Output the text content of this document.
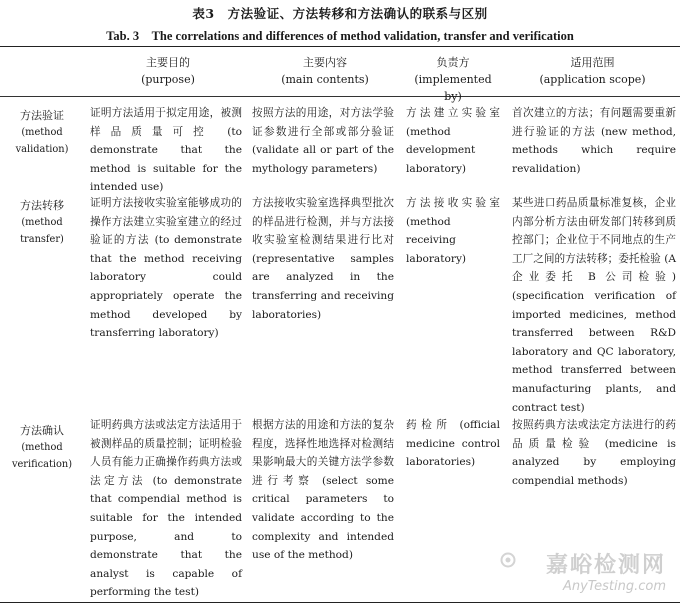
表3　方法验证、方法转移和方法确认的联系与区别
Tab. 3　The correlations and differences of method validation, transfer and verification
主要目的
(purpose)
主要内容
(main contents)
负责方
(implemented by)
适用范围
(application scope)
方法验证
(method validation)
证明方法适用于拟定用途，被测样品质量可控 (to demonstrate that the method is suitable for the intended use)
按照方法的用途，对方法学验证参数进行全部或部分验证 (validate all or part of the mythology parameters)
方法建立实验室 (method development laboratory)
首次建立的方法；有问题需要重新进行验证的方法 (new method, methods which require revalidation)
方法转移
(method transfer)
证明方法接收实验室能够成功的操作方法建立实验室建立的经过验证的方法 (to demonstrate that the method receiving laboratory could appropriately operate the method developed by transferring laboratory)
方法接收实验室选择典型批次的样品进行检测，并与方法接收实验室检测结果进行比对 (representative samples are analyzed in the transferring and receiving laboratories)
方法接收实验室 (method receiving laboratory)
某些进口药品质量标准复核，企业内部分析方法由研发部门转移到质控部门；企业位于不同地点的生产工厂之间的方法转移；委托检验 (A 企业委托 B 公司检验) (specification verification of imported medicines, method transferred between R&D laboratory and QC laboratory, method transferred between manufacturing plants, and contract test)
方法确认
(method verification)
证明药典方法或法定方法适用于被测样品的质量控制；证明检验人员有能力正确操作药典方法或法定方法 (to demonstrate that compendial method is suitable for the intended purpose, and to demonstrate that the analyst is capable of performing the test)
根据方法的用途和方法的复杂程度，选择性地选择对检测结果影响最大的关键方法学参数进行考察 (select some critical parameters to validate according to the complexity and intended use of the method)
药检所 (official medicine control laboratories)
按照药典方法或法定方法进行的药品质量检验 (medicine is analyzed by employing compendial methods)
嘉峪检测网
AnyTesting.com
